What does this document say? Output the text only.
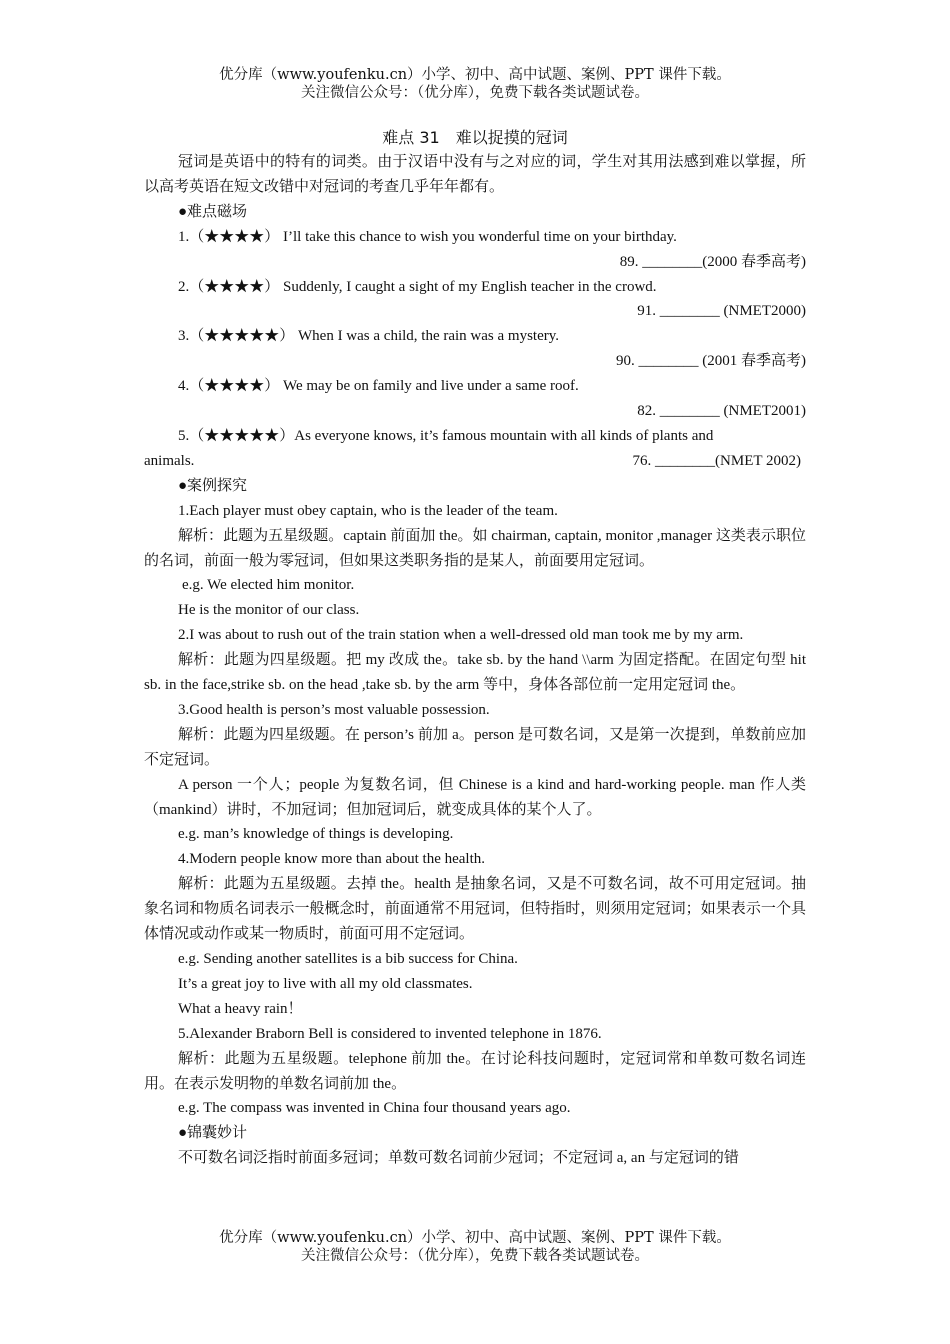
优分库（www.youfenku.cn）小学、初中、高中试题、案例、PPT 课件下载。
关注微信公众号：（优分库），免费下载各类试题试卷。
难点 31　难以捉摸的冠词

冠词是英语中的特有的词类。由于汉语中没有与之对应的词，学生对其用法感到难以掌握，所以高考英语在短文改错中对冠词的考查几乎年年都有。

●难点磁场

1.（★★★★） I’ll take this chance to wish you wonderful time on your birthday.

89. ________(2000 春季高考)

2.（★★★★） Suddenly, I caught a sight of my English teacher in the crowd.

91. ________ (NMET2000)

3.（★★★★★） When I was a child, the rain was a mystery.

90. ________ (2001 春季高考)

4.（★★★★） We may be on family and live under a same roof.

82. ________ (NMET2001)

5.（★★★★★）As everyone knows, it’s famous mountain with all kinds of plants and

animals.	76. ________(NMET 2002)

●案例探究

1.Each player must obey captain, who is the leader of the team.

解析：此题为五星级题。captain 前面加 the。如 chairman, captain, monitor ,manager 这类表示职位的名词，前面一般为零冠词，但如果这类职务指的是某人，前面要用定冠词。

e.g. We elected him monitor.

He is the monitor of our class.

2.I was about to rush out of the train station when a well-dressed old man took me by my arm.

解析：此题为四星级题。把 my 改成 the。take sb. by the hand \\arm 为固定搭配。在固定句型 hit sb. in the face,strike sb. on the head ,take sb. by the arm 等中，身体各部位前一定用定冠词 the。

3.Good health is person’s most valuable possession.

解析：此题为四星级题。在 person’s 前加 a。person 是可数名词，又是第一次提到，单数前应加不定冠词。

A person 一个人；people 为复数名词，但 Chinese is a kind and hard-working people. man 作人类（mankind）讲时，不加冠词；但加冠词后，就变成具体的某个人了。

e.g. man’s knowledge of things is developing.

4.Modern people know more than about the health.

解析：此题为五星级题。去掉 the。health 是抽象名词，又是不可数名词，故不可用定冠词。抽象名词和物质名词表示一般概念时，前面通常不用冠词，但特指时，则须用定冠词；如果表示一个具体情况或动作或某一物质时，前面可用不定冠词。

e.g. Sending another satellites is a bib success for China.

It’s a great joy to live with all my old classmates.

What a heavy rain！

5.Alexander Braborn Bell is considered to invented telephone in 1876.

解析：此题为五星级题。telephone 前加 the。在讨论科技问题时，定冠词常和单数可数名词连用。在表示发明物的单数名词前加 the。

e.g. The compass was invented in China four thousand years ago.

●锦囊妙计

不可数名词泛指时前面多冠词；单数可数名词前少冠词；不定冠词 a, an 与定冠词的错

优分库（www.youfenku.cn）小学、初中、高中试题、案例、PPT 课件下载。
关注微信公众号：（优分库），免费下载各类试题试卷。
